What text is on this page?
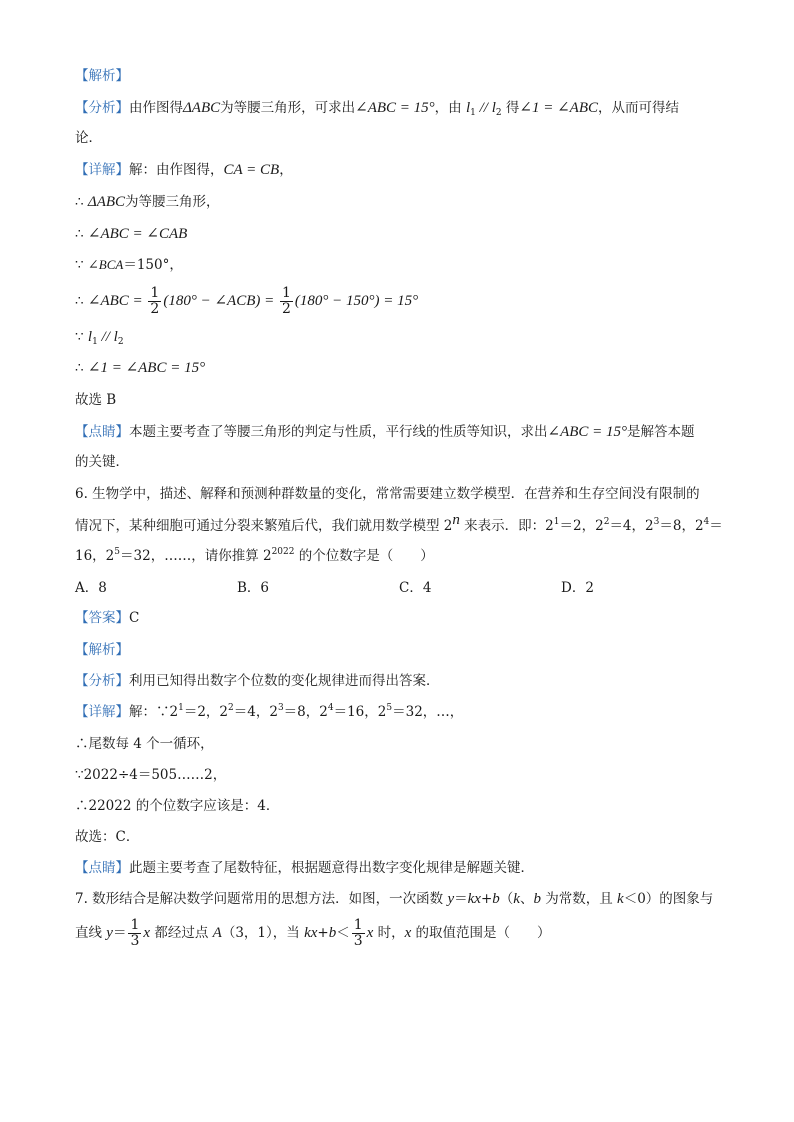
【解析】
【分析】由作图得ΔABC为等腰三角形，可求出∠ABC = 15°，由 $l_1 // l_2$ 得∠1 = ∠ABC，从而可得结
论．
【详解】解：由作图得，CA = CB，
∴ ΔABC为等腰三角形，
∴ ∠ABC = ∠CAB
∵ ∠BCA＝150°，
∴ ∠ABC = $\frac{1}{2} (180^\circ$ − ∠ACB) = $\frac{1}{2} (180^\circ - 150^\circ) = 15^\circ$
∵ $l_1 // l_2$
∴ ∠1 = ∠ABC = 15°
故选 B
【点睛】本题主要考查了等腰三角形的判定与性质，平行线的性质等知识，求出∠ABC = 15°是解答本题
的关键．
6. 生物学中，描述、解释和预测种群数量的变化，常常需要建立数学模型．在营养和生存空间没有限制的
情况下，某种细胞可通过分裂来繁殖后代，我们就用数学模型 2$^n$ 来表示．即：$2^1=2$，$2^2=4$，$2^3=8$，$2^4=$
16，$2^5=32$，……，请你推算 $2^{2022}$ 的个位数字是（　　）
A．8	B．6	C．4	D．2
【答案】C
【解析】
【分析】利用已知得出数字个位数的变化规律进而得出答案．
【详解】解：$\because 2^1=2$，$2^2=4$，$2^3=8$，$2^4=16$，$2^5=32$，…，
∴尾数每 4 个一循环，
∵2022÷4＝505……2，
∴22022 的个位数字应该是：4．
故选：C．
【点睛】此题主要考查了尾数特征，根据题意得出数字变化规律是解题关键．
7. 数形结合是解决数学问题常用的思想方法．如图，一次函数 y＝kx+b（k、b 为常数，且 k＜0）的图象与
直线 $y= \frac{1}{3}$ x 都经过点 A（3，1），当 $kx+b< \frac{1}{3}$ x 时，x 的取值范围是（　　）
